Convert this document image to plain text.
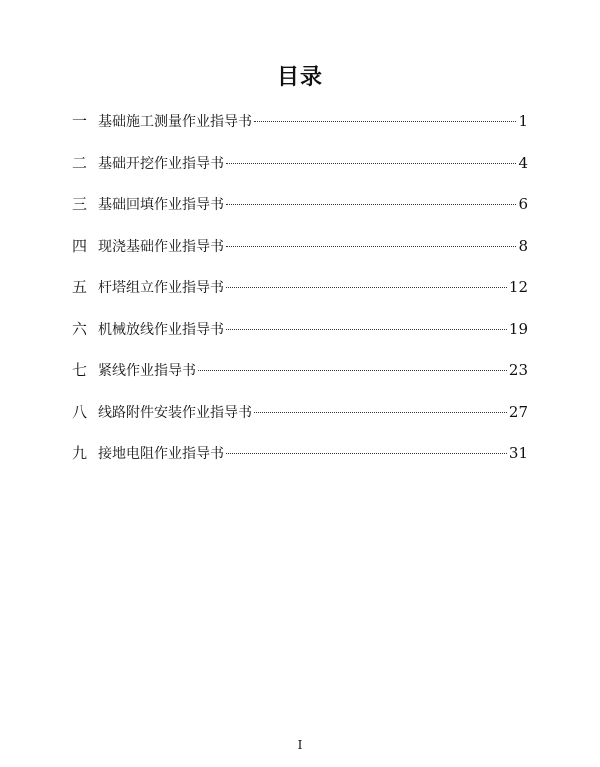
目录
一 基础施工测量作业指导书	1
二 基础开挖作业指导书	4
三 基础回填作业指导书	6
四 现浇基础作业指导书	8
五 杆塔组立作业指导书	12
六 机械放线作业指导书	19
七 紧线作业指导书	23
八 线路附件安装作业指导书	27
九 接地电阻作业指导书	31
I
